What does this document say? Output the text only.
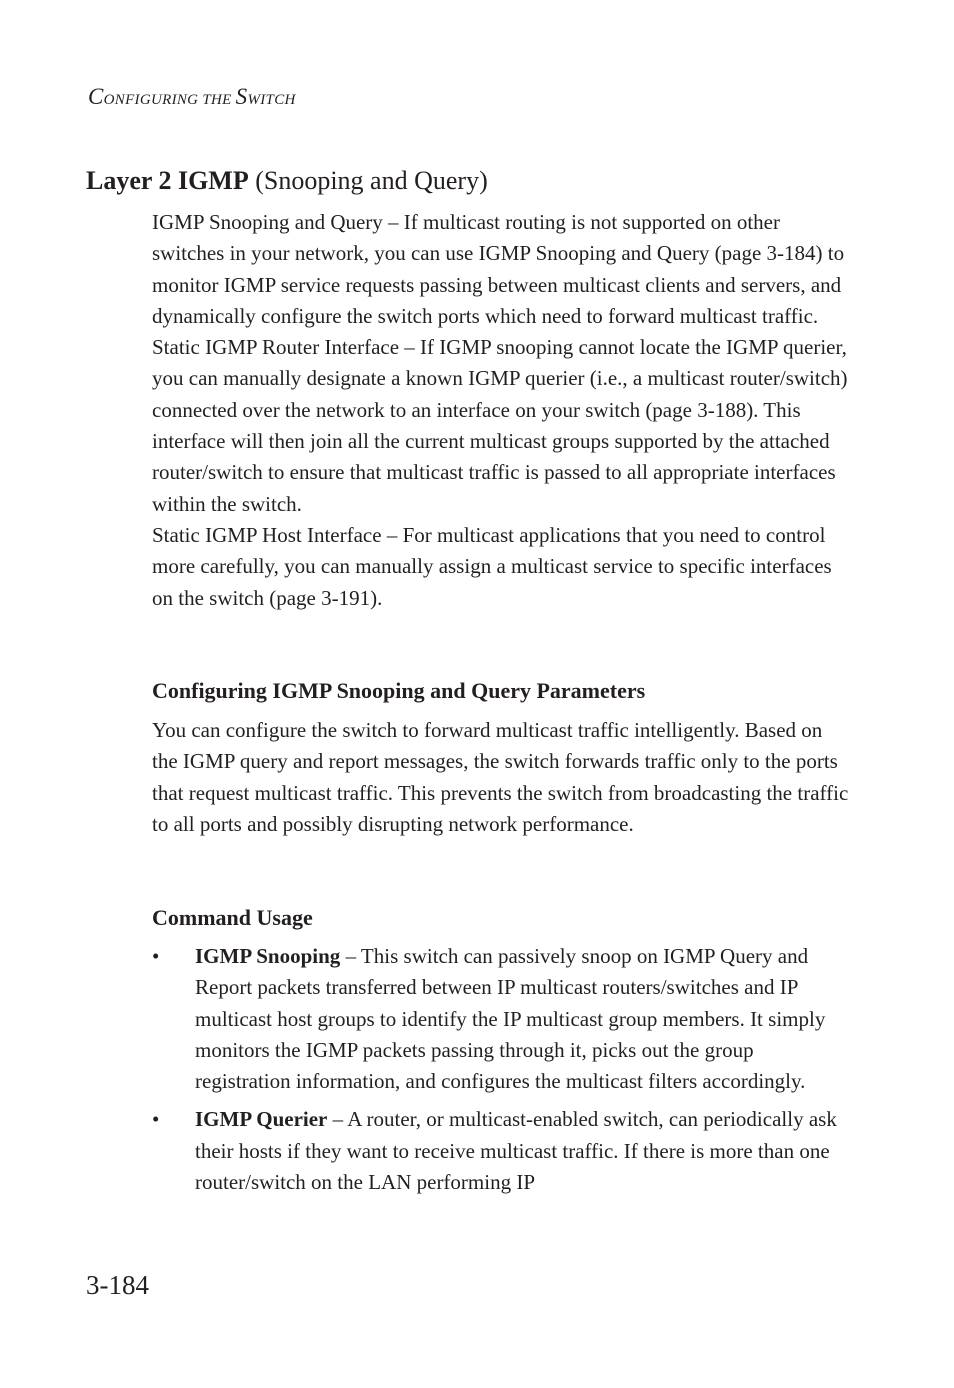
CONFIGURING THE SWITCH
Layer 2 IGMP (Snooping and Query)

IGMP Snooping and Query – If multicast routing is not supported on other switches in your network, you can use IGMP Snooping and Query (page 3-184) to monitor IGMP service requests passing between multicast clients and servers, and dynamically configure the switch ports which need to forward multicast traffic.

Static IGMP Router Interface – If IGMP snooping cannot locate the IGMP querier, you can manually designate a known IGMP querier (i.e., a multicast router/switch) connected over the network to an interface on your switch (page 3-188). This interface will then join all the current multicast groups supported by the attached router/switch to ensure that multicast traffic is passed to all appropriate interfaces within the switch.

Static IGMP Host Interface – For multicast applications that you need to control more carefully, you can manually assign a multicast service to specific interfaces on the switch (page 3-191).

Configuring IGMP Snooping and Query Parameters

You can configure the switch to forward multicast traffic intelligently. Based on the IGMP query and report messages, the switch forwards traffic only to the ports that request multicast traffic. This prevents the switch from broadcasting the traffic to all ports and possibly disrupting network performance.

Command Usage
• IGMP Snooping – This switch can passively snoop on IGMP Query and Report packets transferred between IP multicast routers/switches and IP multicast host groups to identify the IP multicast group members. It simply monitors the IGMP packets passing through it, picks out the group registration information, and configures the multicast filters accordingly.
• IGMP Querier – A router, or multicast-enabled switch, can periodically ask their hosts if they want to receive multicast traffic. If there is more than one router/switch on the LAN performing IP
3-184
